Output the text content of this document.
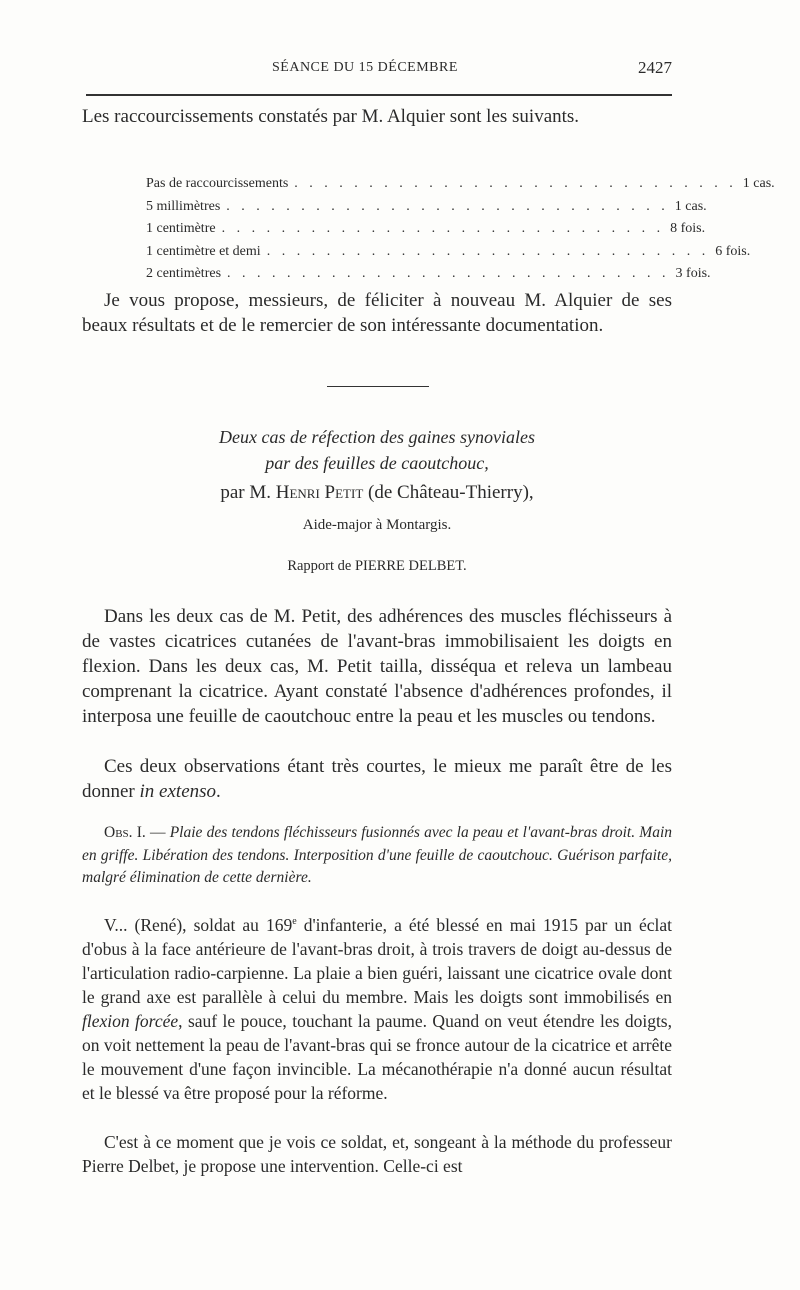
SÉANCE DU 15 DÉCEMBRE	2427

Les raccourcissements constatés par M. Alquier sont les suivants.

Pas de raccourcissements . . . . . . . . . . . . . . . . . . . . . . . . . . . . . . 1 cas.
5 millimètres . . . . . . . . . . . . . . . . . . . . . . . . . . . . . . 1 cas.
1 centimètre . . . . . . . . . . . . . . . . . . . . . . . . . . . . . . 8 fois.
1 centimètre et demi . . . . . . . . . . . . . . . . . . . . . . . . . . . . . . 6 fois.
2 centimètres . . . . . . . . . . . . . . . . . . . . . . . . . . . . . . 3 fois.

Je vous propose, messieurs, de féliciter à nouveau M. Alquier de ses beaux résultats et de le remercier de son intéressante documentation.

Deux cas de réfection des gaines synoviales
par des feuilles de caoutchouc,
par M. Henri Petit (de Château-Thierry),
Aide-major à Montargis.
Rapport de PIERRE DELBET.

Dans les deux cas de M. Petit, des adhérences des muscles fléchisseurs à de vastes cicatrices cutanées de l'avant-bras immobilisaient les doigts en flexion. Dans les deux cas, M. Petit tailla, disséqua et releva un lambeau comprenant la cicatrice. Ayant constaté l'absence d'adhérences profondes, il interposa une feuille de caoutchouc entre la peau et les muscles ou tendons.

Ces deux observations étant très courtes, le mieux me paraît être de les donner in extenso.

Obs. I. — Plaie des tendons fléchisseurs fusionnés avec la peau et l'avant-bras droit. Main en griffe. Libération des tendons. Interposition d'une feuille de caoutchouc. Guérison parfaite, malgré élimination de cette dernière.

V... (René), soldat au 169e d'infanterie, a été blessé en mai 1915 par un éclat d'obus à la face antérieure de l'avant-bras droit, à trois travers de doigt au-dessus de l'articulation radio-carpienne. La plaie a bien guéri, laissant une cicatrice ovale dont le grand axe est parallèle à celui du membre. Mais les doigts sont immobilisés en flexion forcée, sauf le pouce, touchant la paume. Quand on veut étendre les doigts, on voit nettement la peau de l'avant-bras qui se fronce autour de la cicatrice et arrête le mouvement d'une façon invincible. La mécanothérapie n'a donné aucun résultat et le blessé va être proposé pour la réforme.

C'est à ce moment que je vois ce soldat, et, songeant à la méthode du professeur Pierre Delbet, je propose une intervention. Celle-ci est
